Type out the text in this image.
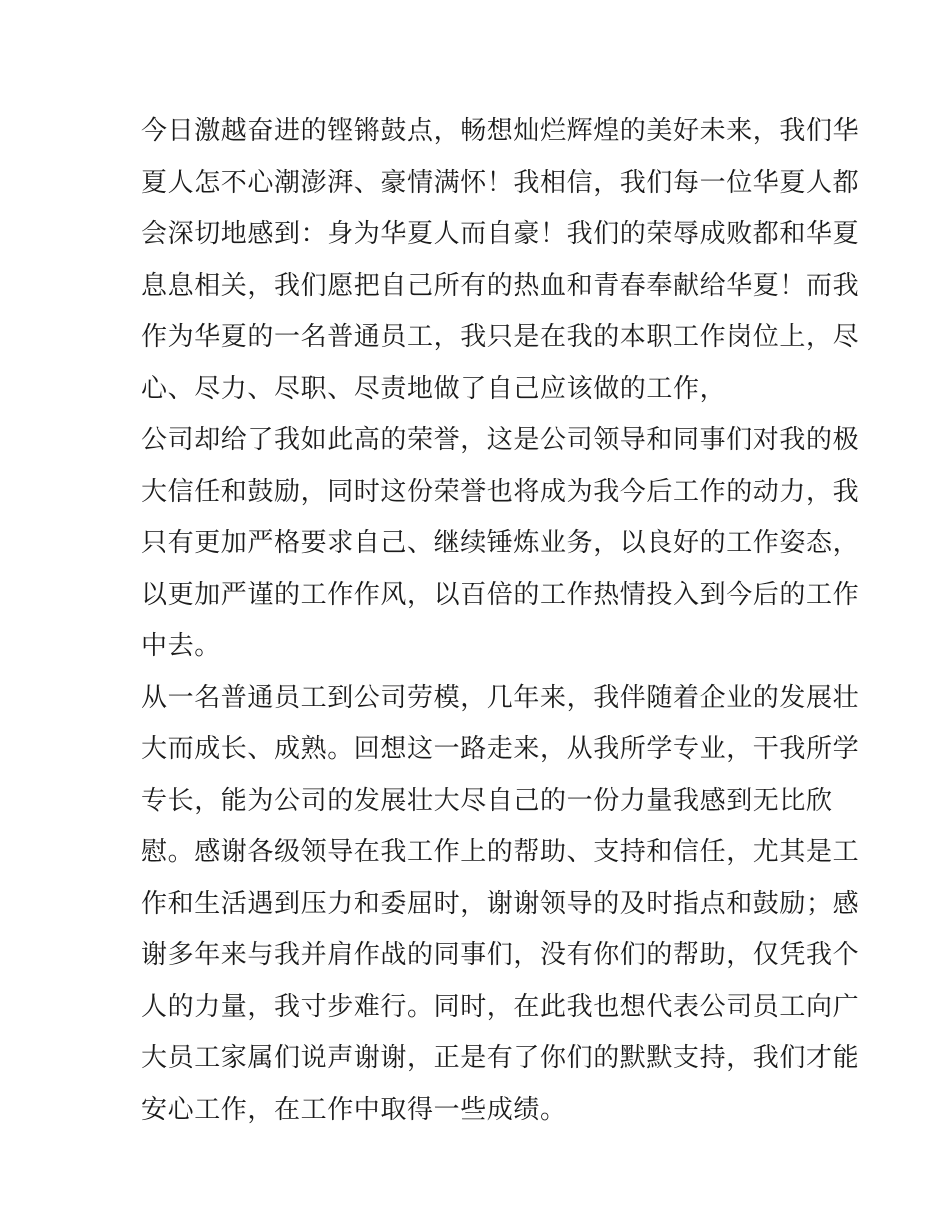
今日激越奋进的铿锵鼓点，畅想灿烂辉煌的美好未来，我们华
夏人怎不心潮澎湃、豪情满怀！我相信，我们每一位华夏人都
会深切地感到：身为华夏人而自豪！我们的荣辱成败都和华夏
息息相关，我们愿把自己所有的热血和青春奉献给华夏！而我
作为华夏的一名普通员工，我只是在我的本职工作岗位上，尽
心、尽力、尽职、尽责地做了自己应该做的工作，
公司却给了我如此高的荣誉，这是公司领导和同事们对我的极
大信任和鼓励，同时这份荣誉也将成为我今后工作的动力，我
只有更加严格要求自己、继续锤炼业务，以良好的工作姿态，
以更加严谨的工作作风，以百倍的工作热情投入到今后的工作
中去。
从一名普通员工到公司劳模，几年来，我伴随着企业的发展壮
大而成长、成熟。回想这一路走来，从我所学专业，干我所学
专长，能为公司的发展壮大尽自己的一份力量我感到无比欣
慰。感谢各级领导在我工作上的帮助、支持和信任，尤其是工
作和生活遇到压力和委屈时，谢谢领导的及时指点和鼓励；感
谢多年来与我并肩作战的同事们，没有你们的帮助，仅凭我个
人的力量，我寸步难行。同时，在此我也想代表公司员工向广
大员工家属们说声谢谢，正是有了你们的默默支持，我们才能
安心工作，在工作中取得一些成绩。
